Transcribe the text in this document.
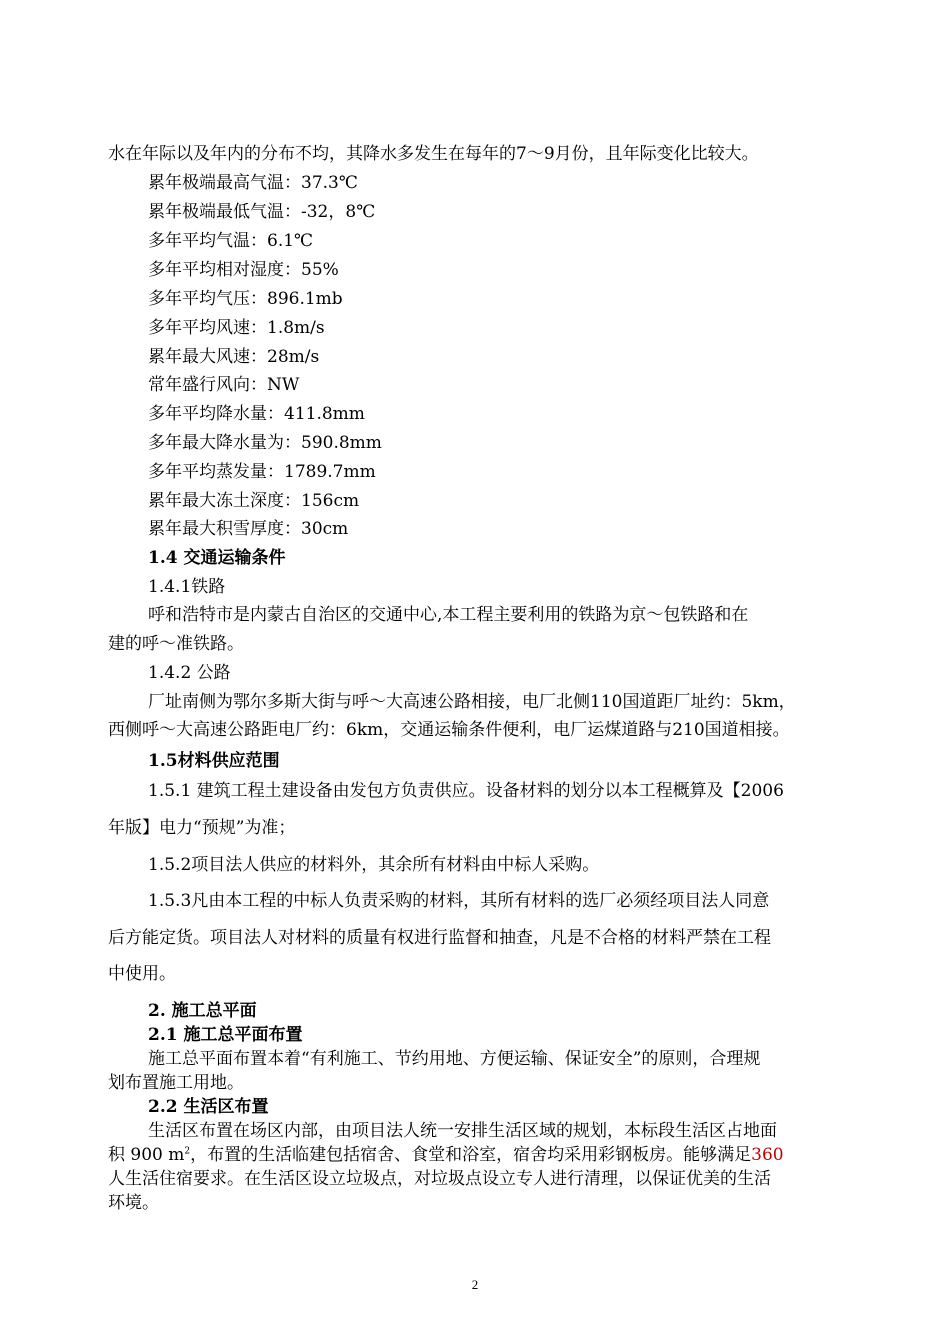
水在年际以及年内的分布不均，其降水多发生在每年的7～9月份，且年际变化比较大。
累年极端最高气温：37.3℃
累年极端最低气温：-32，8℃
多年平均气温：6.1℃
多年平均相对湿度：55%
多年平均气压：896.1mb
多年平均风速：1.8m/s
累年最大风速：28m/s
常年盛行风向：NW
多年平均降水量：411.8mm
多年最大降水量为：590.8mm
多年平均蒸发量：1789.7mm
累年最大冻土深度：156cm
累年最大积雪厚度：30cm
1.4 交通运输条件
1.4.1铁路
呼和浩特市是内蒙古自治区的交通中心,本工程主要利用的铁路为京～包铁路和在
建的呼～准铁路。
1.4.2 公路
厂址南侧为鄂尔多斯大街与呼～大高速公路相接，电厂北侧110国道距厂址约：5km，
西侧呼～大高速公路距电厂约：6km，交通运输条件便利，电厂运煤道路与210国道相接。
1.5材料供应范围
1.5.1 建筑工程土建设备由发包方负责供应。设备材料的划分以本工程概算及【2006
年版】电力“预规”为准；
1.5.2项目法人供应的材料外，其余所有材料由中标人采购。
1.5.3凡由本工程的中标人负责采购的材料，其所有材料的选厂必须经项目法人同意
后方能定货。项目法人对材料的质量有权进行监督和抽查，凡是不合格的材料严禁在工程
中使用。
2. 施工总平面
2.1 施工总平面布置
施工总平面布置本着“有利施工、节约用地、方便运输、保证安全”的原则，合理规
划布置施工用地。
2.2 生活区布置
生活区布置在场区内部，由项目法人统一安排生活区域的规划，本标段生活区占地面
积 900 $m^2$，布置的生活临建包括宿舍、食堂和浴室，宿舍均采用彩钢板房。能够满足360
人生活住宿要求。在生活区设立垃圾点，对垃圾点设立专人进行清理，以保证优美的生活
环境。
2
